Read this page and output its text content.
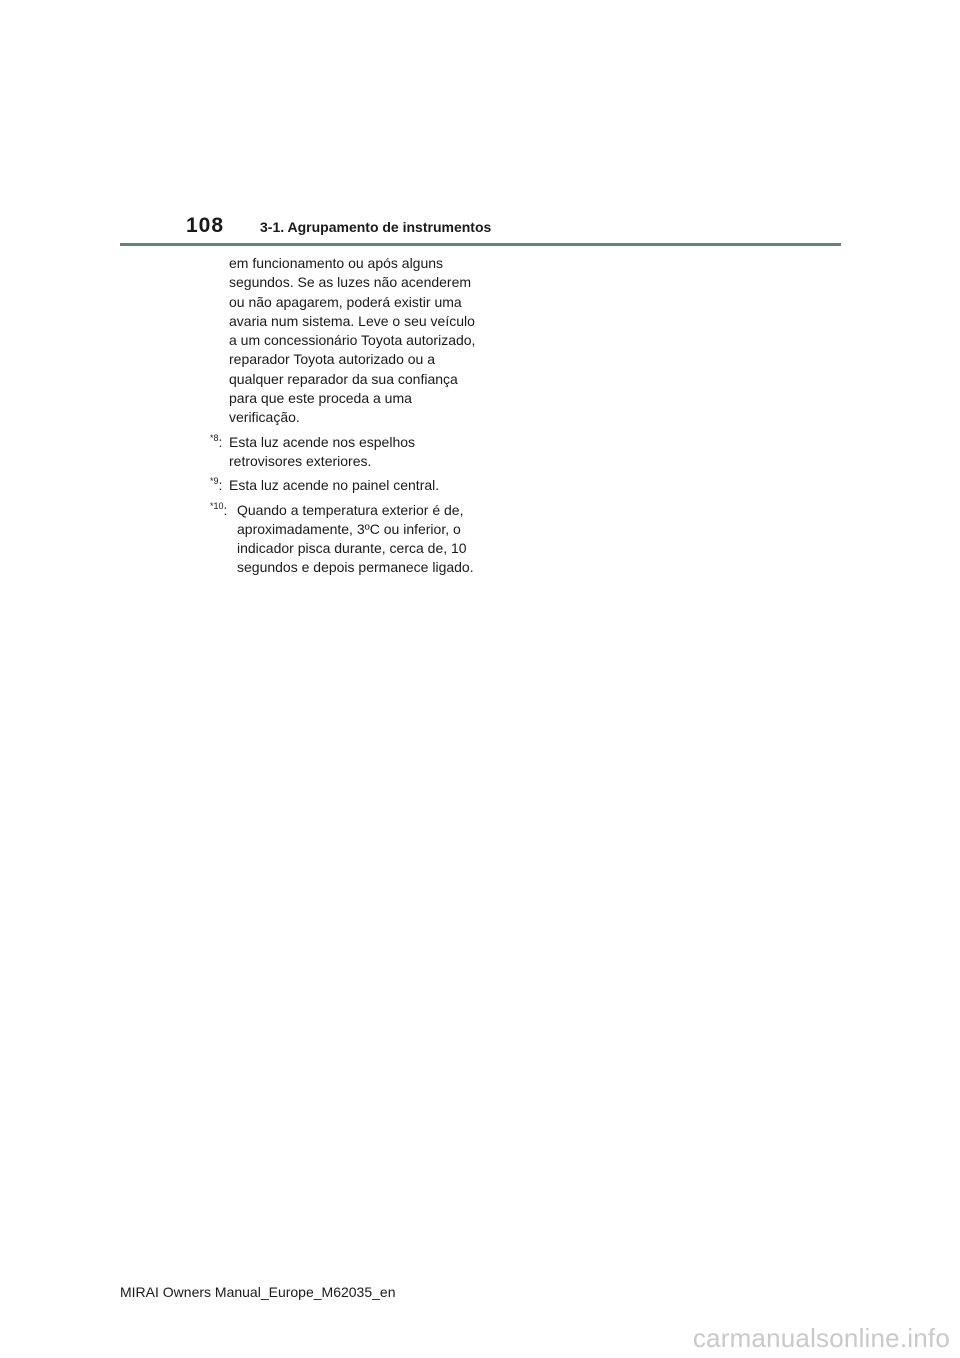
108	3-1. Agrupamento de instrumentos

em funcionamento ou após alguns segundos. Se as luzes não acenderem ou não apagarem, poderá existir uma avaria num sistema. Leve o seu veículo a um concessionário Toyota autorizado, reparador Toyota autorizado ou a qualquer reparador da sua confiança para que este proceda a uma verificação.

$^{*8}$: Esta luz acende nos espelhos retrovisores exteriores.
$^{*9}$: Esta luz acende no painel central.
$^{*10}$: Quando a temperatura exterior é de, aproximadamente, 3ºC ou inferior, o indicador pisca durante, cerca de, 10 segundos e depois permanece ligado.
MIRAI Owners Manual_Europe_M62035_en
carmanualsonline.info
